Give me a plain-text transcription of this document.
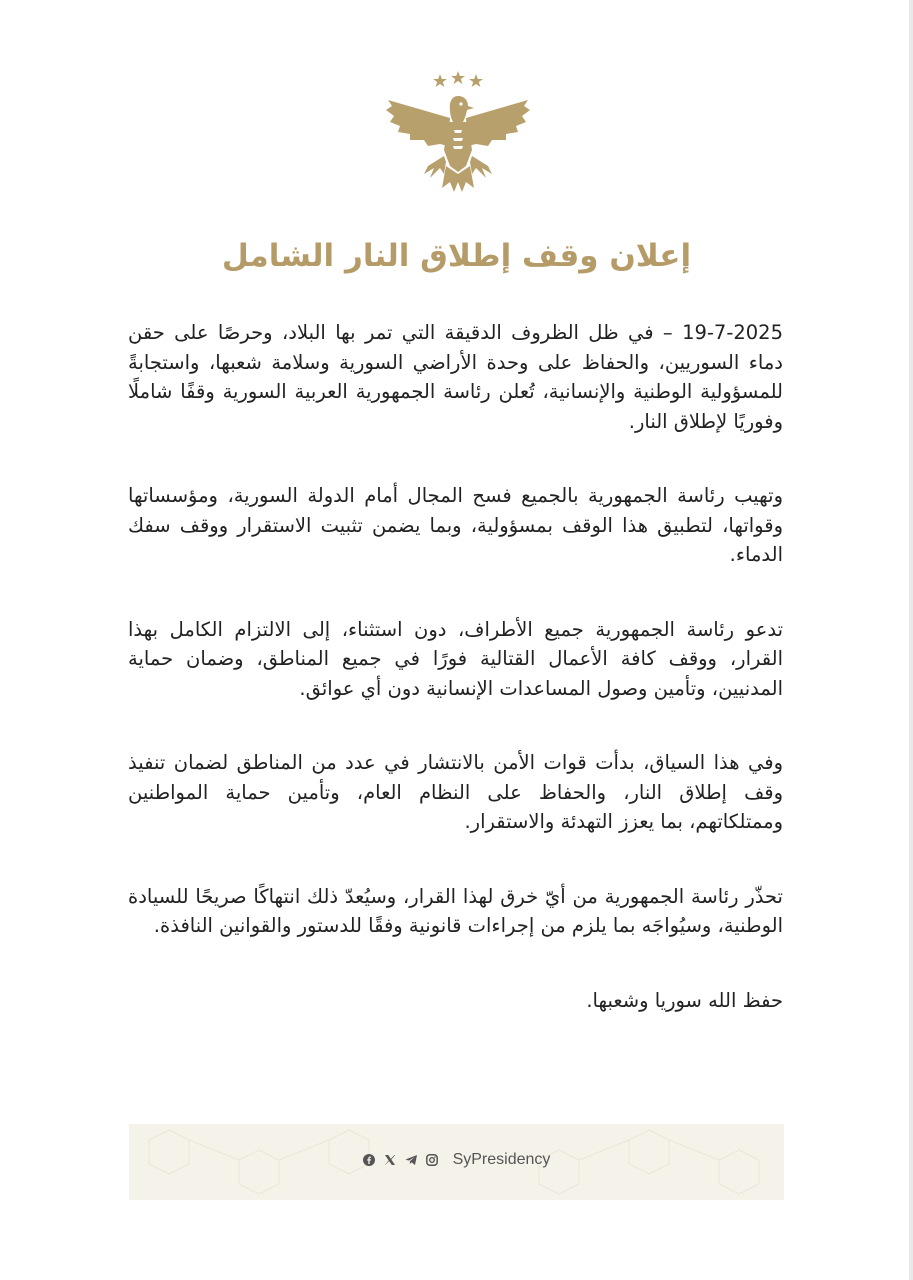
إعلان وقف إطلاق النار الشامل

19-7-2025 – في ظل الظروف الدقيقة التي تمر بها البلاد، وحرصًا على حقن دماء السوريين، والحفاظ على وحدة الأراضي السورية وسلامة شعبها، واستجابةً للمسؤولية الوطنية والإنسانية، تُعلن رئاسة الجمهورية العربية السورية وقفًا شاملًا وفوريًا لإطلاق النار.

وتهيب رئاسة الجمهورية بالجميع فسح المجال أمام الدولة السورية، ومؤسساتها وقواتها، لتطبيق هذا الوقف بمسؤولية، وبما يضمن تثبيت الاستقرار ووقف سفك الدماء.

تدعو رئاسة الجمهورية جميع الأطراف، دون استثناء، إلى الالتزام الكامل بهذا القرار، ووقف كافة الأعمال القتالية فورًا في جميع المناطق، وضمان حماية المدنيين، وتأمين وصول المساعدات الإنسانية دون أي عوائق.

وفي هذا السياق، بدأت قوات الأمن بالانتشار في عدد من المناطق لضمان تنفيذ وقف إطلاق النار، والحفاظ على النظام العام، وتأمين حماية المواطنين وممتلكاتهم، بما يعزز التهدئة والاستقرار.

تحذّر رئاسة الجمهورية من أيّ خرق لهذا القرار، وسيُعدّ ذلك انتهاكًا صريحًا للسيادة الوطنية، وسيُواجَه بما يلزم من إجراءات قانونية وفقًا للدستور والقوانين النافذة.

حفظ الله سوريا وشعبها.

SyPresidency
